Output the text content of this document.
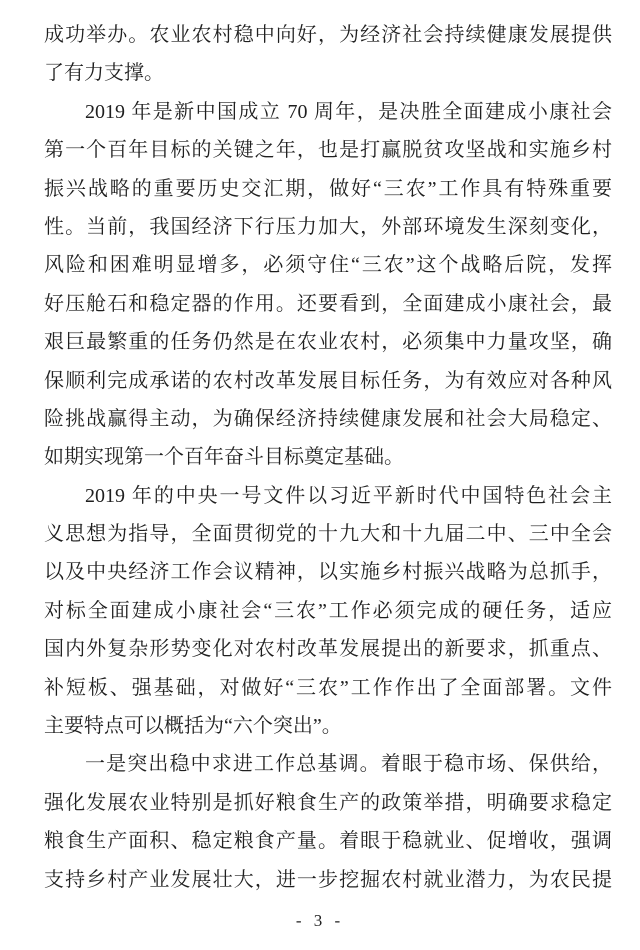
成功举办。农业农村稳中向好，为经济社会持续健康发展提供
了有力支撑。
2019 年是新中国成立 70 周年，是决胜全面建成小康社会
第一个百年目标的关键之年，也是打赢脱贫攻坚战和实施乡村
振兴战略的重要历史交汇期，做好“三农”工作具有特殊重要
性。当前，我国经济下行压力加大，外部环境发生深刻变化，
风险和困难明显增多，必须守住“三农”这个战略后院，发挥
好压舱石和稳定器的作用。还要看到，全面建成小康社会，最
艰巨最繁重的任务仍然是在农业农村，必须集中力量攻坚，确
保顺利完成承诺的农村改革发展目标任务，为有效应对各种风
险挑战赢得主动，为确保经济持续健康发展和社会大局稳定、
如期实现第一个百年奋斗目标奠定基础。
2019 年的中央一号文件以习近平新时代中国特色社会主
义思想为指导，全面贯彻党的十九大和十九届二中、三中全会
以及中央经济工作会议精神，以实施乡村振兴战略为总抓手，
对标全面建成小康社会“三农”工作必须完成的硬任务，适应
国内外复杂形势变化对农村改革发展提出的新要求，抓重点、
补短板、强基础，对做好“三农”工作作出了全面部署。文件
主要特点可以概括为“六个突出”。
一是突出稳中求进工作总基调。着眼于稳市场、保供给，
强化发展农业特别是抓好粮食生产的政策举措，明确要求稳定
粮食生产面积、稳定粮食产量。着眼于稳就业、促增收，强调
支持乡村产业发展壮大，进一步挖掘农村就业潜力，为农民提
- 3 -
